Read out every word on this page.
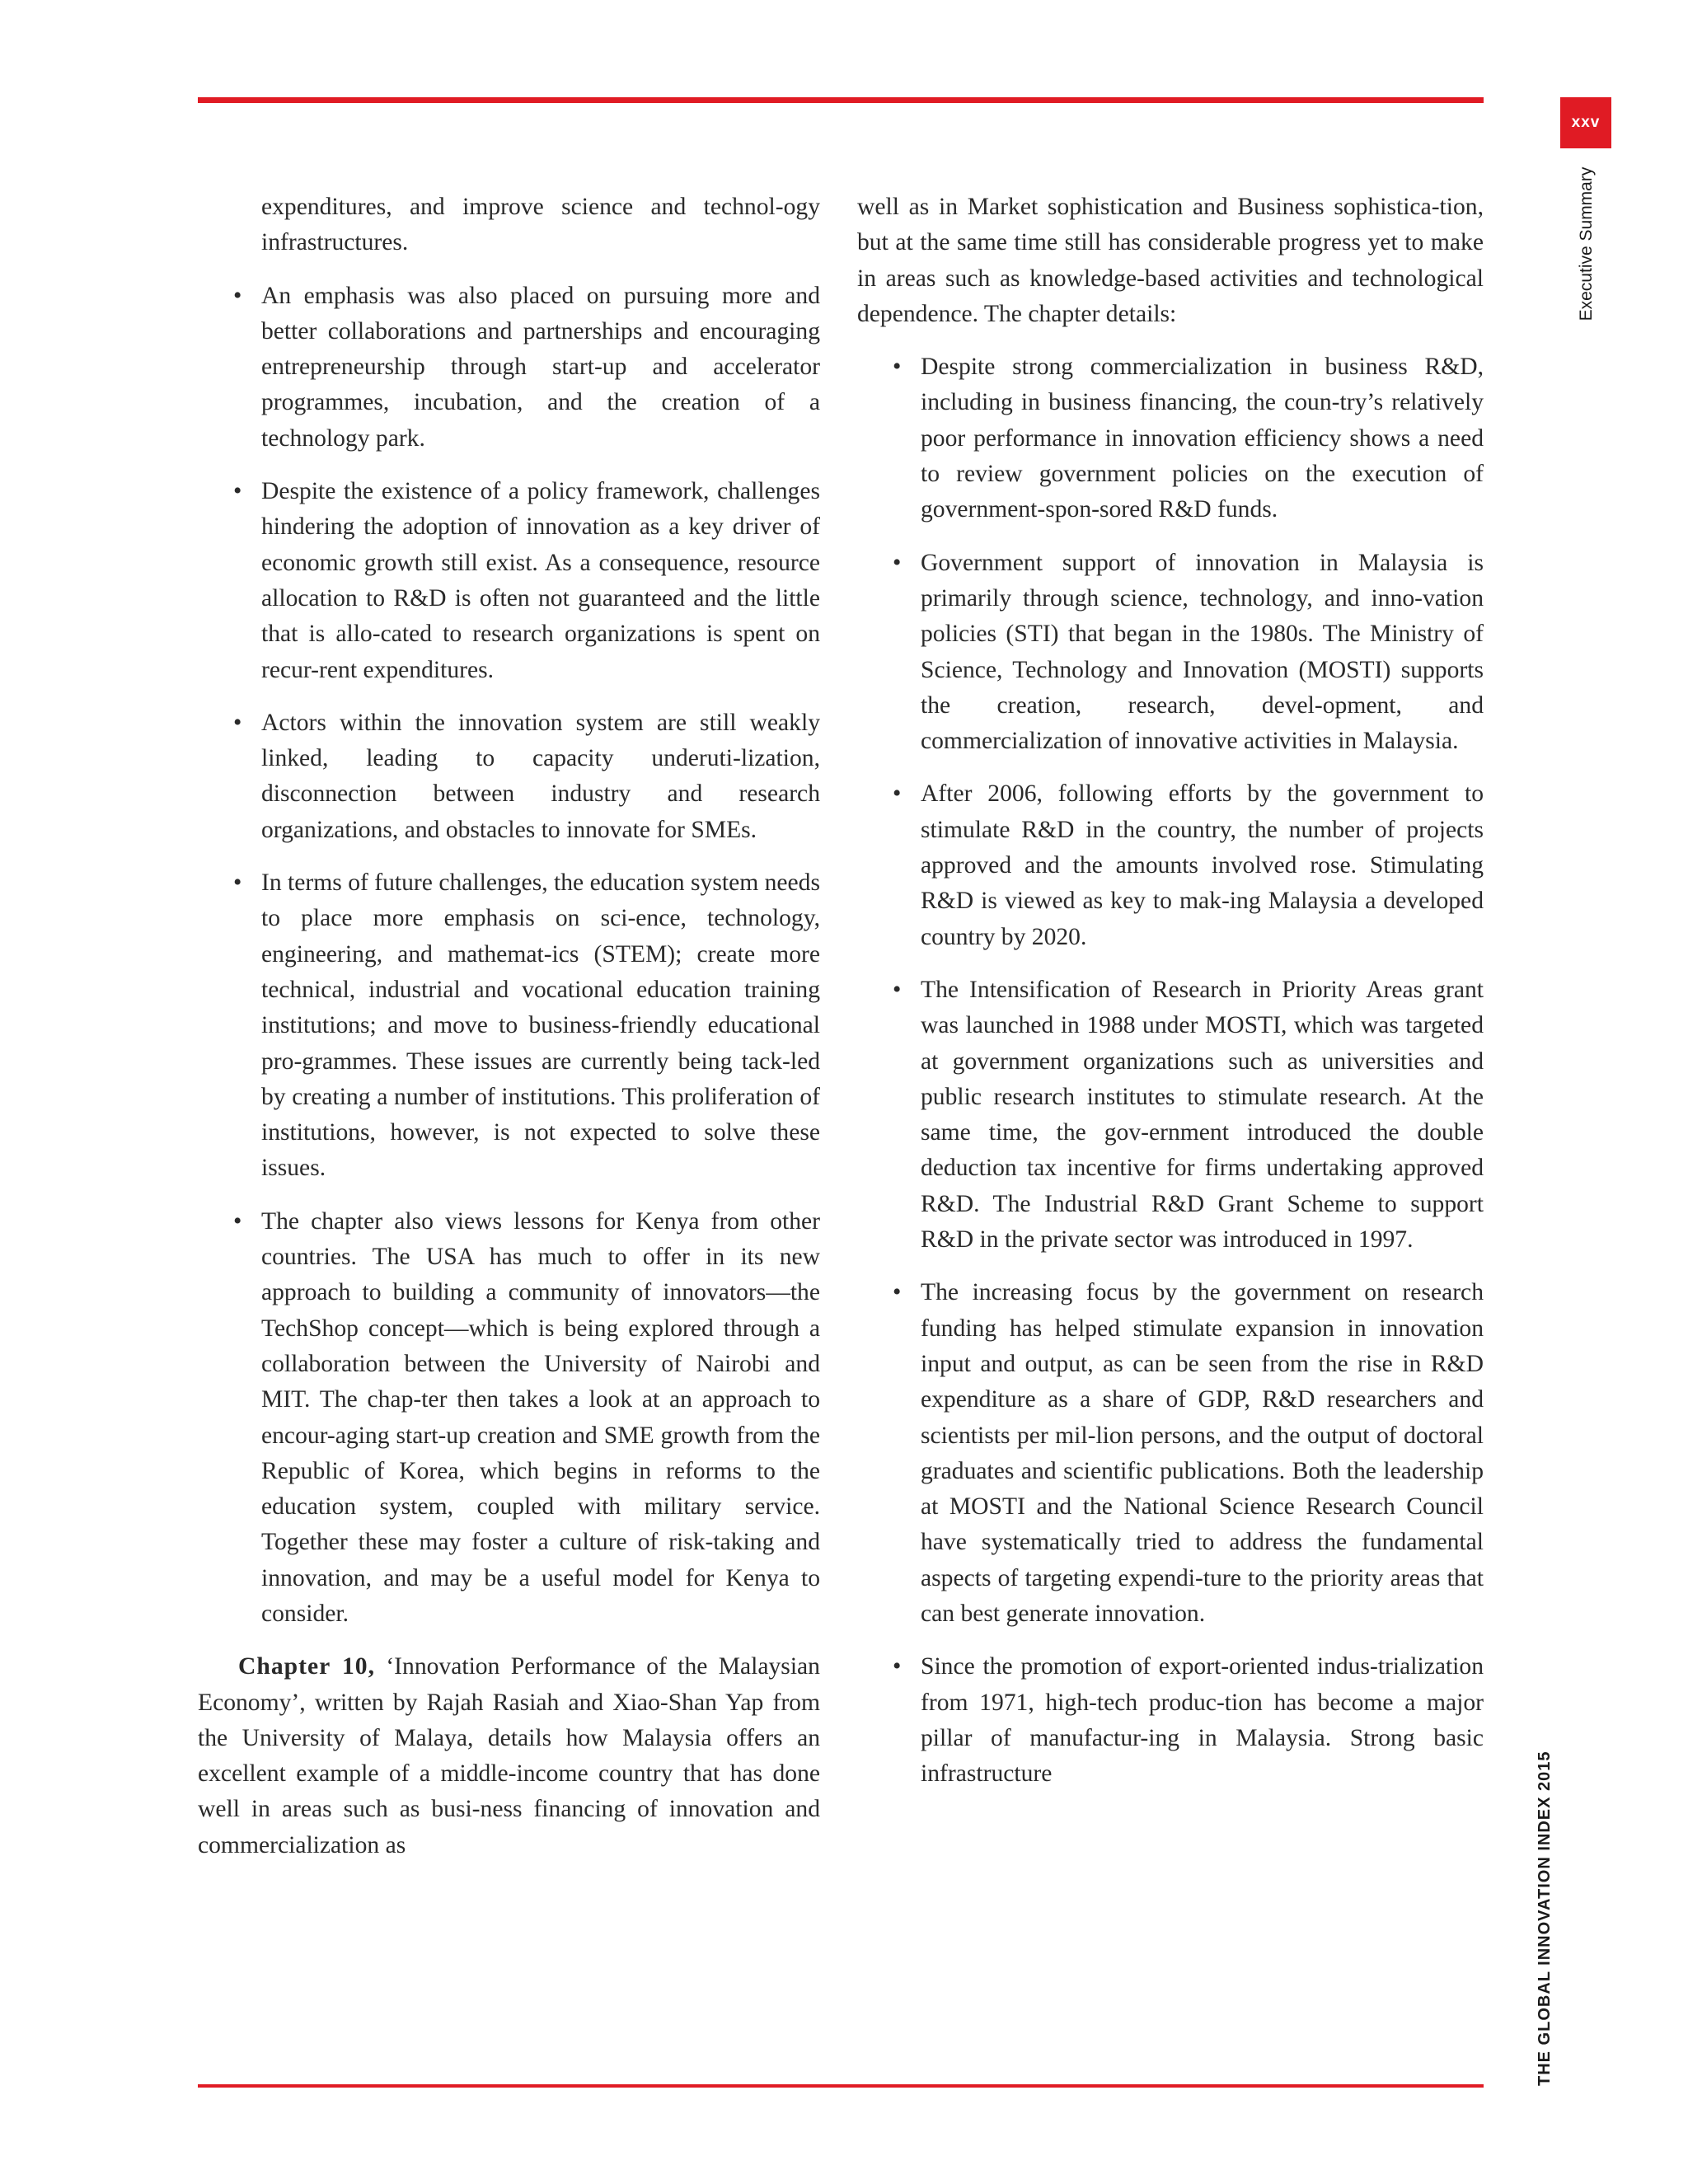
xxv
Executive Summary
THE GLOBAL INNOVATION INDEX 2015

expenditures, and improve science and technol-ogy infrastructures.

• An emphasis was also placed on pursuing more and better collaborations and partnerships and encouraging entrepreneurship through start-up and accelerator programmes, incubation, and the creation of a technology park.

• Despite the existence of a policy framework, challenges hindering the adoption of innovation as a key driver of economic growth still exist. As a consequence, resource allocation to R&D is often not guaranteed and the little that is allo-cated to research organizations is spent on recur-rent expenditures.

• Actors within the innovation system are still weakly linked, leading to capacity underuti-lization, disconnection between industry and research organizations, and obstacles to innovate for SMEs.

• In terms of future challenges, the education system needs to place more emphasis on sci-ence, technology, engineering, and mathemat-ics (STEM); create more technical, industrial and vocational education training institutions; and move to business-friendly educational pro-grammes. These issues are currently being tack-led by creating a number of institutions. This proliferation of institutions, however, is not expected to solve these issues.

• The chapter also views lessons for Kenya from other countries. The USA has much to offer in its new approach to building a community of innovators—the TechShop concept—which is being explored through a collaboration between the University of Nairobi and MIT. The chap-ter then takes a look at an approach to encour-aging start-up creation and SME growth from the Republic of Korea, which begins in reforms to the education system, coupled with military service. Together these may foster a culture of risk-taking and innovation, and may be a useful model for Kenya to consider.

Chapter 10, ‘Innovation Performance of the Malaysian Economy’, written by Rajah Rasiah and Xiao-Shan Yap from the University of Malaya, details how Malaysia offers an excellent example of a middle-income country that has done well in areas such as busi-ness financing of innovation and commercialization as

well as in Market sophistication and Business sophistica-tion, but at the same time still has considerable progress yet to make in areas such as knowledge-based activities and technological dependence. The chapter details:

• Despite strong commercialization in business R&D, including in business financing, the coun-try’s relatively poor performance in innovation efficiency shows a need to review government policies on the execution of government-spon-sored R&D funds.

• Government support of innovation in Malaysia is primarily through science, technology, and inno-vation policies (STI) that began in the 1980s. The Ministry of Science, Technology and Innovation (MOSTI) supports the creation, research, devel-opment, and commercialization of innovative activities in Malaysia.

• After 2006, following efforts by the government to stimulate R&D in the country, the number of projects approved and the amounts involved rose. Stimulating R&D is viewed as key to mak-ing Malaysia a developed country by 2020.

• The Intensification of Research in Priority Areas grant was launched in 1988 under MOSTI, which was targeted at government organizations such as universities and public research institutes to stimulate research. At the same time, the gov-ernment introduced the double deduction tax incentive for firms undertaking approved R&D. The Industrial R&D Grant Scheme to support R&D in the private sector was introduced in 1997.

• The increasing focus by the government on research funding has helped stimulate expansion in innovation input and output, as can be seen from the rise in R&D expenditure as a share of GDP, R&D researchers and scientists per mil-lion persons, and the output of doctoral graduates and scientific publications. Both the leadership at MOSTI and the National Science Research Council have systematically tried to address the fundamental aspects of targeting expendi-ture to the priority areas that can best generate innovation.

• Since the promotion of export-oriented indus-trialization from 1971, high-tech produc-tion has become a major pillar of manufactur-ing in Malaysia. Strong basic infrastructure
